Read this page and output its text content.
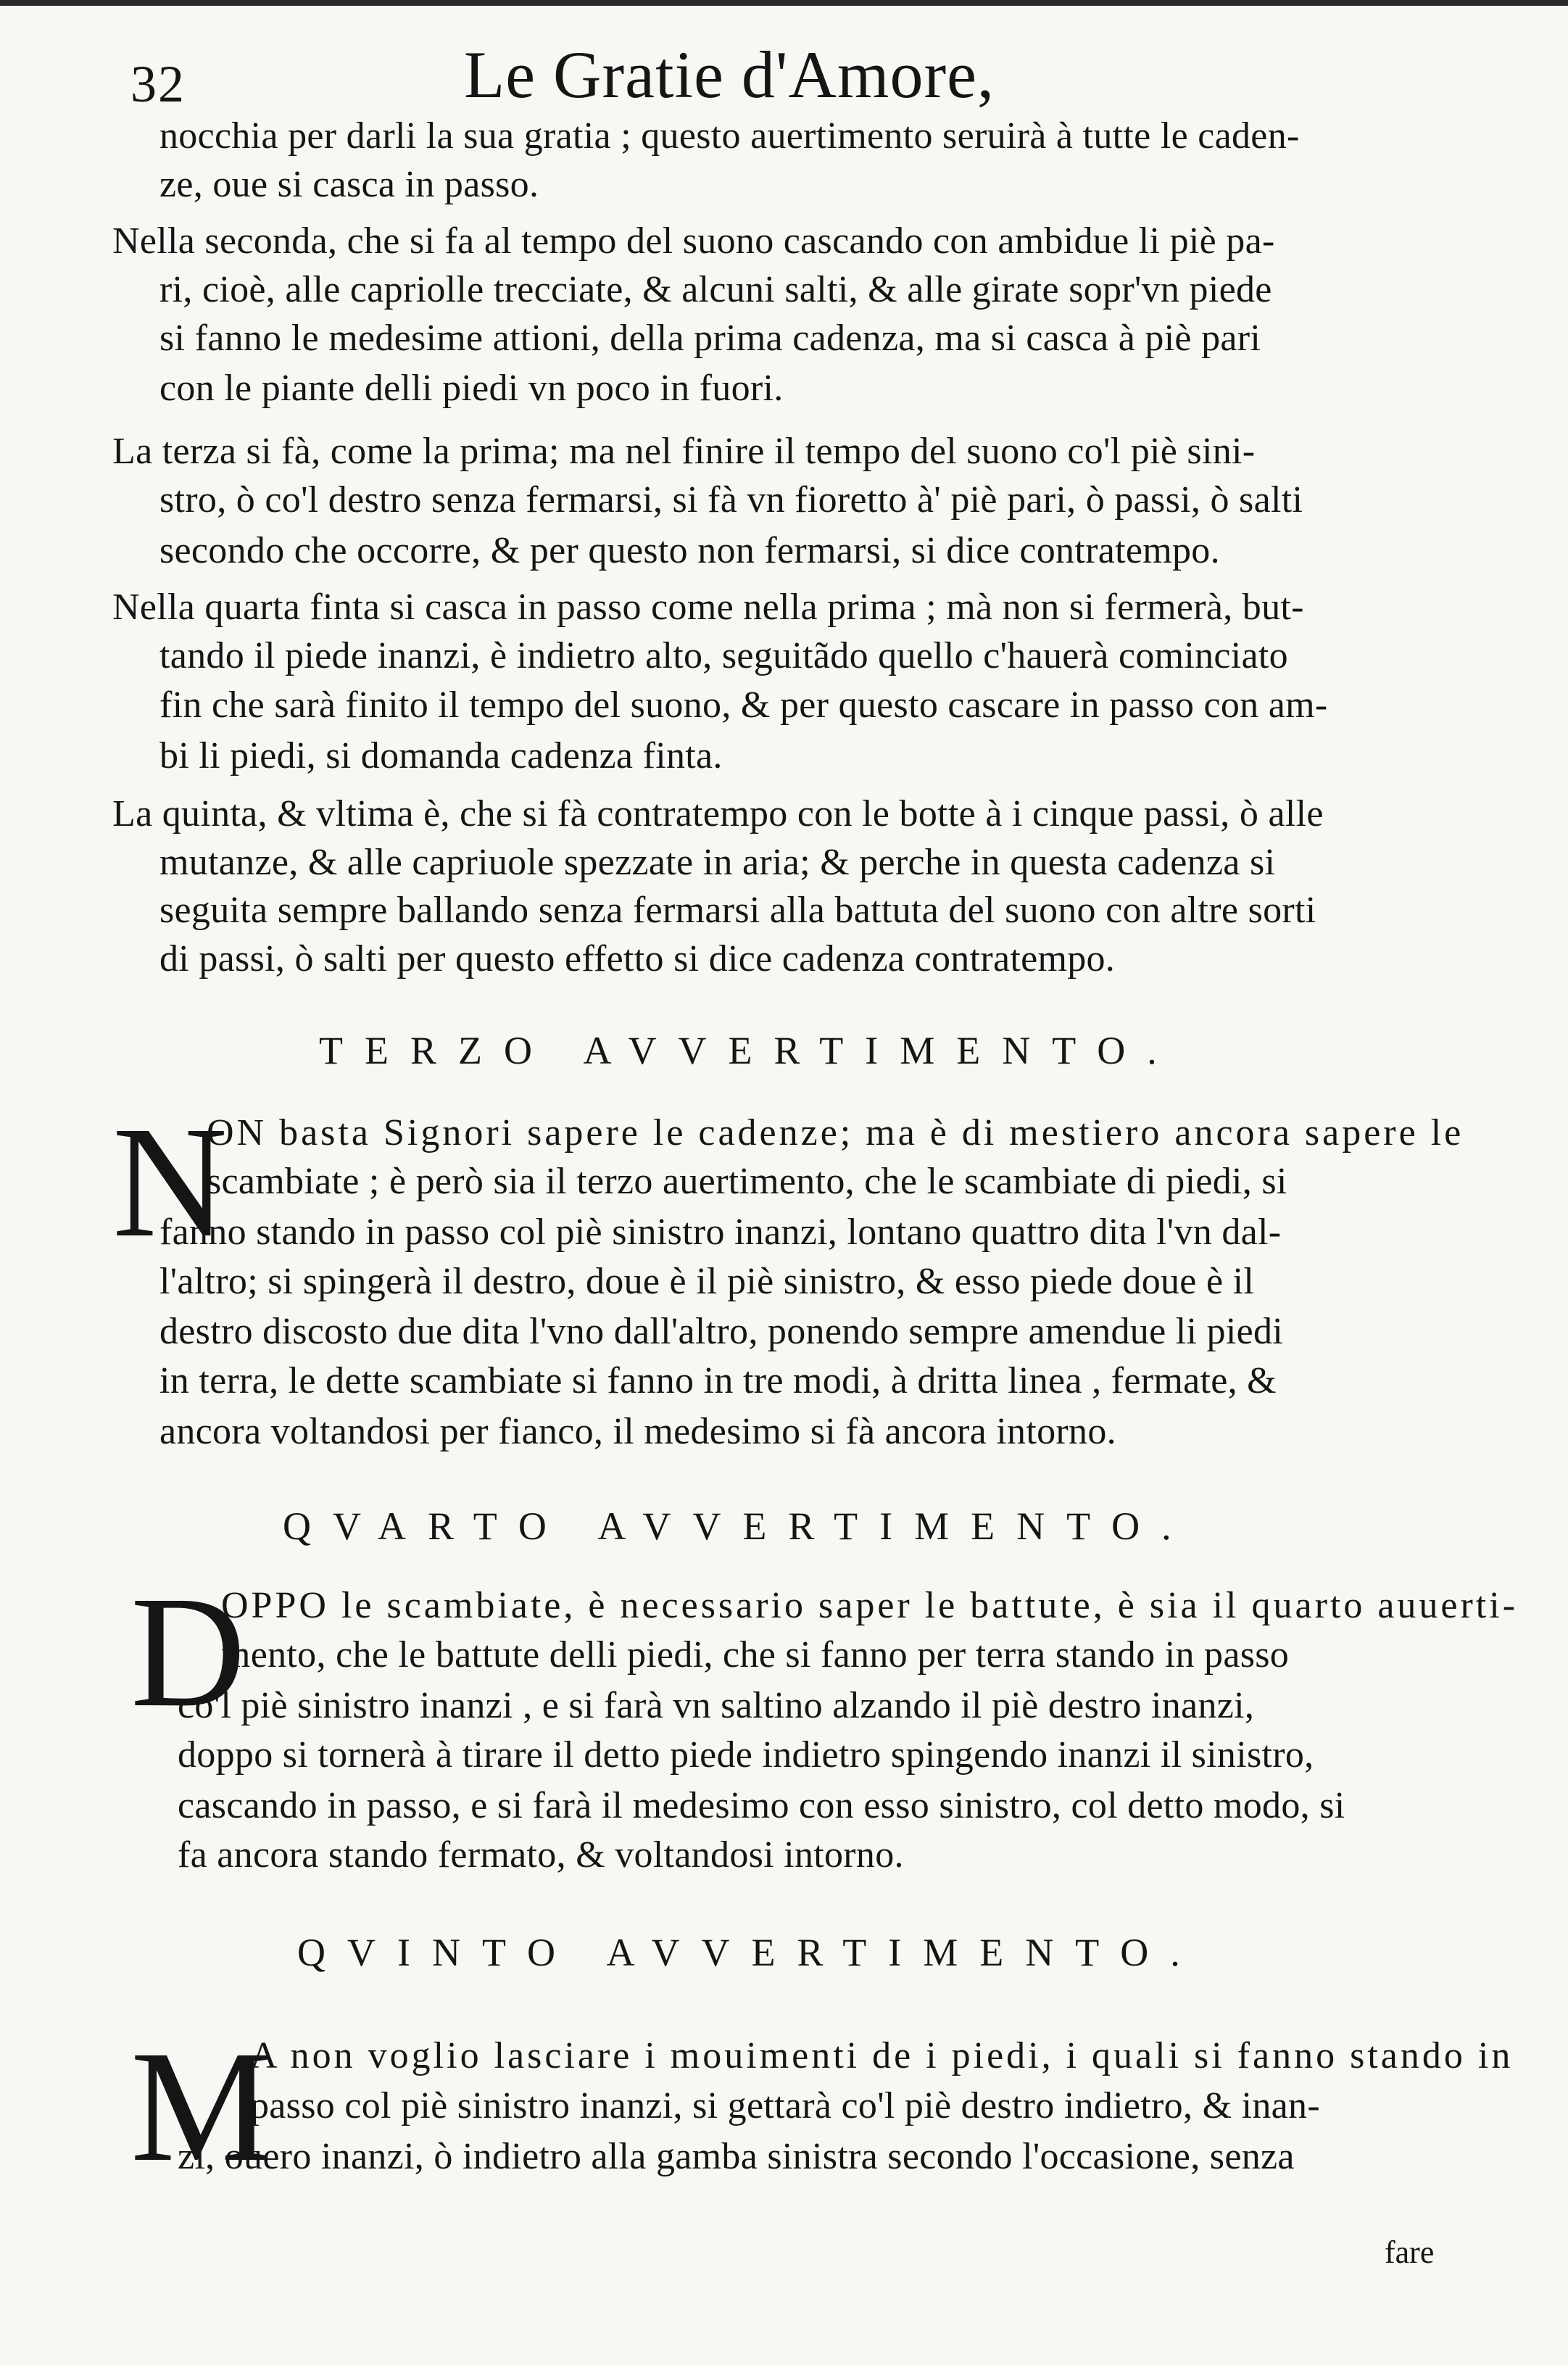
32	Le Gratie d'Amore,
nocchia per darli la sua gratia ; questo auertimento seruirà à tutte le caden-
ze, oue si casca in passo.
Nella seconda, che si fa al tempo del suono cascando con ambidue li piè pa-
ri, cioè, alle capriolle trecciate, & alcuni salti, & alle girate sopr'vn piede
si fanno le medesime attioni, della prima cadenza, ma si casca à piè pari
con le piante delli piedi vn poco in fuori.
La terza si fà, come la prima; ma nel finire il tempo del suono co'l piè sini-
stro, ò co'l destro senza fermarsi, si fà vn fioretto à' piè pari, ò passi, ò salti
secondo che occorre, & per questo non fermarsi, si dice contratempo.
Nella quarta finta si casca in passo come nella prima ; mà non si fermerà, but-
tando il piede inanzi, è indietro alto, seguitãdo quello c'hauerà cominciato
fin che sarà finito il tempo del suono, & per questo cascare in passo con am-
bi li piedi, si domanda cadenza finta.
La quinta, & vltima è, che si fà contratempo con le botte à i cinque passi, ò alle
mutanze, & alle capriuole spezzate in aria; & perche in questa cadenza si
seguita sempre ballando senza fermarsi alla battuta del suono con altre sorti
di passi, ò salti per questo effetto si dice cadenza contratempo.
TERZO AVVERTIMENTO.
N
ON basta Signori sapere le cadenze; ma è di mestiero ancora sapere le
scambiate ; è però sia il terzo auertimento, che le scambiate di piedi, si
fanno stando in passo col piè sinistro inanzi, lontano quattro dita l'vn dal-
l'altro; si spingerà il destro, doue è il piè sinistro, & esso piede doue è il
destro discosto due dita l'vno dall'altro, ponendo sempre amendue li piedi
in terra, le dette scambiate si fanno in tre modi, à dritta linea , fermate, &
ancora voltandosi per fianco, il medesimo si fà ancora intorno.
QVARTO AVVERTIMENTO.
D
OPPO le scambiate, è necessario saper le battute, è sia il quarto auuerti-
mento, che le battute delli piedi, che si fanno per terra stando in passo
co'l piè sinistro inanzi , e si farà vn saltino alzando il piè destro inanzi,
doppo si tornerà à tirare il detto piede indietro spingendo inanzi il sinistro,
cascando in passo, e si farà il medesimo con esso sinistro, col detto modo, si
fa ancora stando fermato, & voltandosi intorno.
QVINTO AVVERTIMENTO.
M
A non voglio lasciare i mouimenti de i piedi, i quali si fanno stando in
passo col piè sinistro inanzi, si gettarà co'l piè destro indietro, & inan-
zi, ouero inanzi, ò indietro alla gamba sinistra secondo l'occasione, senza
fare
